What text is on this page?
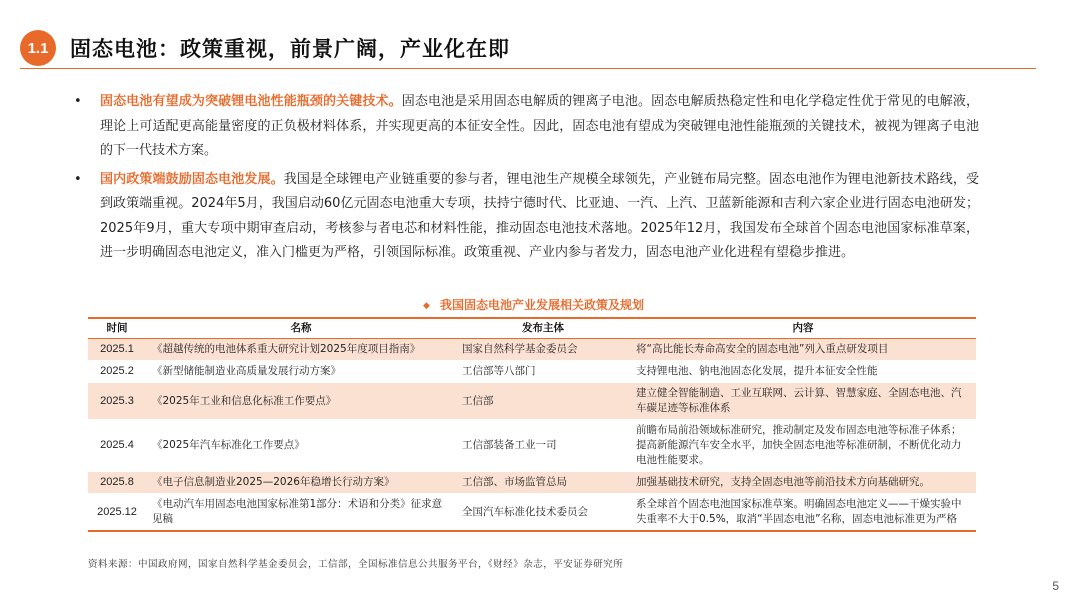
1.1	固态电池：政策重视，前景广阔，产业化在即
• 固态电池有望成为突破锂电池性能瓶颈的关键技术。固态电池是采用固态电解质的锂离子电池。固态电解质热稳定性和电化学稳定性优于常见的电解液，理论上可适配更高能量密度的正负极材料体系，并实现更高的本征安全性。因此，固态电池有望成为突破锂电池性能瓶颈的关键技术，被视为锂离子电池的下一代技术方案。
• 国内政策端鼓励固态电池发展。我国是全球锂电产业链重要的参与者，锂电池生产规模全球领先，产业链布局完整。固态电池作为锂电池新技术路线，受到政策端重视。2024年5月，我国启动60亿元固态电池重大专项，扶持宁德时代、比亚迪、一汽、上汽、卫蓝新能源和吉利六家企业进行固态电池研发；2025年9月，重大专项中期审查启动，考核参与者电芯和材料性能，推动固态电池技术落地。2025年12月，我国发布全球首个固态电池国家标准草案，进一步明确固态电池定义，准入门槛更为严格，引领国际标准。政策重视、产业内参与者发力，固态电池产业化进程有望稳步推进。
◆ 我国固态电池产业发展相关政策及规划
时间	名称	发布主体	内容
2025.1	《超越传统的电池体系重大研究计划2025年度项目指南》	国家自然科学基金委员会	将“高比能长寿命高安全的固态电池”列入重点研发项目
2025.2	《新型储能制造业高质量发展行动方案》	工信部等八部门	支持锂电池、钠电池固态化发展，提升本征安全性能
2025.3	《2025年工业和信息化标准工作要点》	工信部	建立健全智能制造、工业互联网、云计算、智慧家庭、全固态电池、汽车碳足迹等标准体系
2025.4	《2025年汽车标准化工作要点》	工信部装备工业一司	前瞻布局前沿领域标准研究，推动制定及发布固态电池等标准子体系；提高新能源汽车安全水平，加快全固态电池等标准研制，不断优化动力电池性能要求。
2025.8	《电子信息制造业2025—2026年稳增长行动方案》	工信部、市场监管总局	加强基础技术研究，支持全固态电池等前沿技术方向基础研究。
2025.12	《电动汽车用固态电池国家标准第1部分：术语和分类》征求意见稿	全国汽车标准化技术委员会	系全球首个固态电池国家标准草案。明确固态电池定义——干燥实验中失重率不大于0.5%，取消“半固态电池”名称，固态电池标准更为严格
资料来源：中国政府网，国家自然科学基金委员会，工信部，全国标准信息公共服务平台，《财经》杂志，平安证券研究所
5
